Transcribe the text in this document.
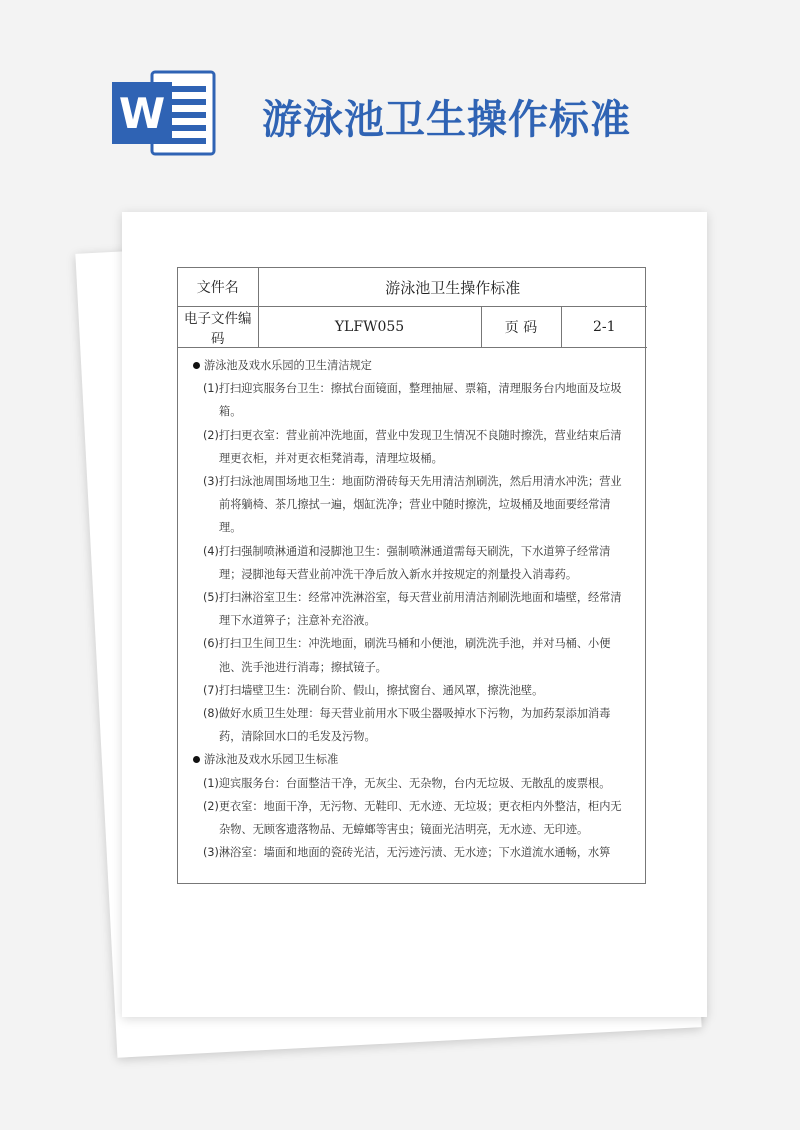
W 游泳池卫生操作标准
文件名	游泳池卫生操作标准		
电子文件编码	YLFW055	页 码	2-1
游泳池及戏水乐园的卫生清洁规定
(1)打扫迎宾服务台卫生：擦拭台面镜面，整理抽屉、票箱，清理服务台内地面及垃圾箱。
(2)打扫更衣室：营业前冲洗地面，营业中发现卫生情况不良随时擦洗，营业结束后清理更衣柜，并对更衣柜凳消毒，清理垃圾桶。
(3)打扫泳池周围场地卫生：地面防滑砖每天先用清洁剂刷洗，然后用清水冲洗；营业前将躺椅、茶几擦拭一遍，烟缸洗净；营业中随时擦洗，垃圾桶及地面要经常清理。
(4)打扫强制喷淋通道和浸脚池卫生：强制喷淋通道需每天刷洗，下水道箅子经常清理；浸脚池每天营业前冲洗干净后放入新水并按规定的剂量投入消毒药。
(5)打扫淋浴室卫生：经常冲洗淋浴室，每天营业前用清洁剂刷洗地面和墙壁，经常清理下水道箅子；注意补充浴液。
(6)打扫卫生间卫生：冲洗地面，刷洗马桶和小便池，刷洗洗手池，并对马桶、小便池、洗手池进行消毒；擦拭镜子。
(7)打扫墙壁卫生：洗刷台阶、假山，擦拭窗台、通风罩，擦洗池壁。
(8)做好水质卫生处理：每天营业前用水下吸尘器吸掉水下污物，为加药泵添加消毒药，清除回水口的毛发及污物。
游泳池及戏水乐园卫生标准
(1)迎宾服务台：台面整洁干净，无灰尘、无杂物，台内无垃圾、无散乱的废票根。
(2)更衣室：地面干净，无污物、无鞋印、无水迹、无垃圾；更衣柜内外整洁，柜内无杂物、无顾客遗落物品、无蟑螂等害虫；镜面光洁明亮，无水迹、无印迹。
(3)淋浴室：墙面和地面的瓷砖光洁，无污迹污渍、无水迹；下水道流水通畅，水箅
